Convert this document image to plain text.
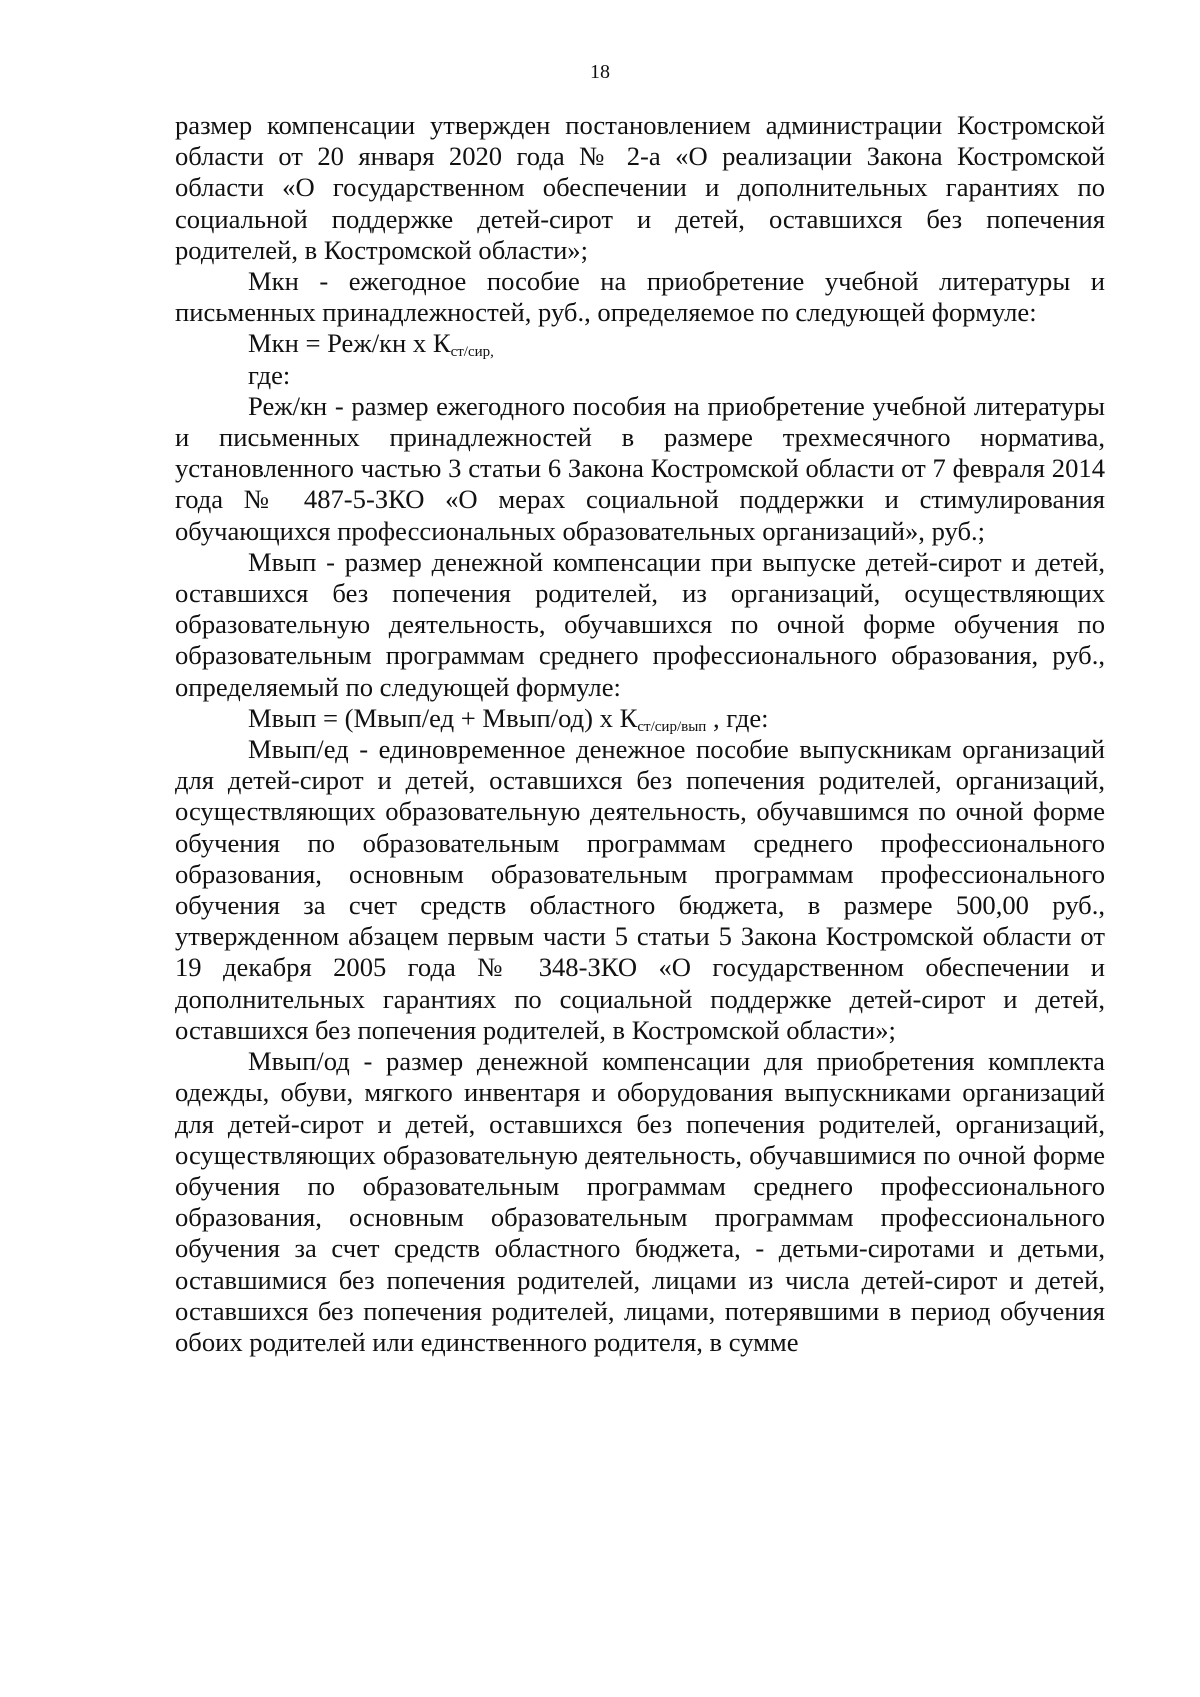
18

размер компенсации утвержден постановлением администрации Костромской области от 20 января 2020 года № 2-а «О реализации Закона Костромской области «О государственном обеспечении и дополнительных гарантиях по социальной поддержке детей-сирот и детей, оставшихся без попечения родителей, в Костромской области»;

Мкн - ежегодное пособие на приобретение учебной литературы и письменных принадлежностей, руб., определяемое по следующей формуле:

Мкн = Реж/кн х $К_{ст/сир,}$

где:

Реж/кн - размер ежегодного пособия на приобретение учебной литературы и письменных принадлежностей в размере трехмесячного норматива, установленного частью 3 статьи 6 Закона Костромской области от 7 февраля 2014 года № 487-5-ЗКО «О мерах социальной поддержки и стимулирования обучающихся профессиональных образовательных организаций», руб.;

Мвып - размер денежной компенсации при выпуске детей-сирот и детей, оставшихся без попечения родителей, из организаций, осуществляющих образовательную деятельность, обучавшихся по очной форме обучения по образовательным программам среднего профессионального образования, руб., определяемый по следующей формуле:

Мвып = (Мвып/ед + Мвып/од) х $К_{ст/сир/вып}$ , где:

Мвып/ед - единовременное денежное пособие выпускникам организаций для детей-сирот и детей, оставшихся без попечения родителей, организаций, осуществляющих образовательную деятельность, обучавшимся по очной форме обучения по образовательным программам среднего профессионального образования, основным образовательным программам профессионального обучения за счет средств областного бюджета, в размере 500,00 руб., утвержденном абзацем первым части 5 статьи 5 Закона Костромской области от 19 декабря 2005 года № 348-ЗКО «О государственном обеспечении и дополнительных гарантиях по социальной поддержке детей-сирот и детей, оставшихся без попечения родителей, в Костромской области»;

Мвып/од - размер денежной компенсации для приобретения комплекта одежды, обуви, мягкого инвентаря и оборудования выпускниками организаций для детей-сирот и детей, оставшихся без попечения родителей, организаций, осуществляющих образовательную деятельность, обучавшимися по очной форме обучения по образовательным программам среднего профессионального образования, основным образовательным программам профессионального обучения за счет средств областного бюджета, - детьми-сиротами и детьми, оставшимися без попечения родителей, лицами из числа детей-сирот и детей, оставшихся без попечения родителей, лицами, потерявшими в период обучения обоих родителей или единственного родителя, в сумме
